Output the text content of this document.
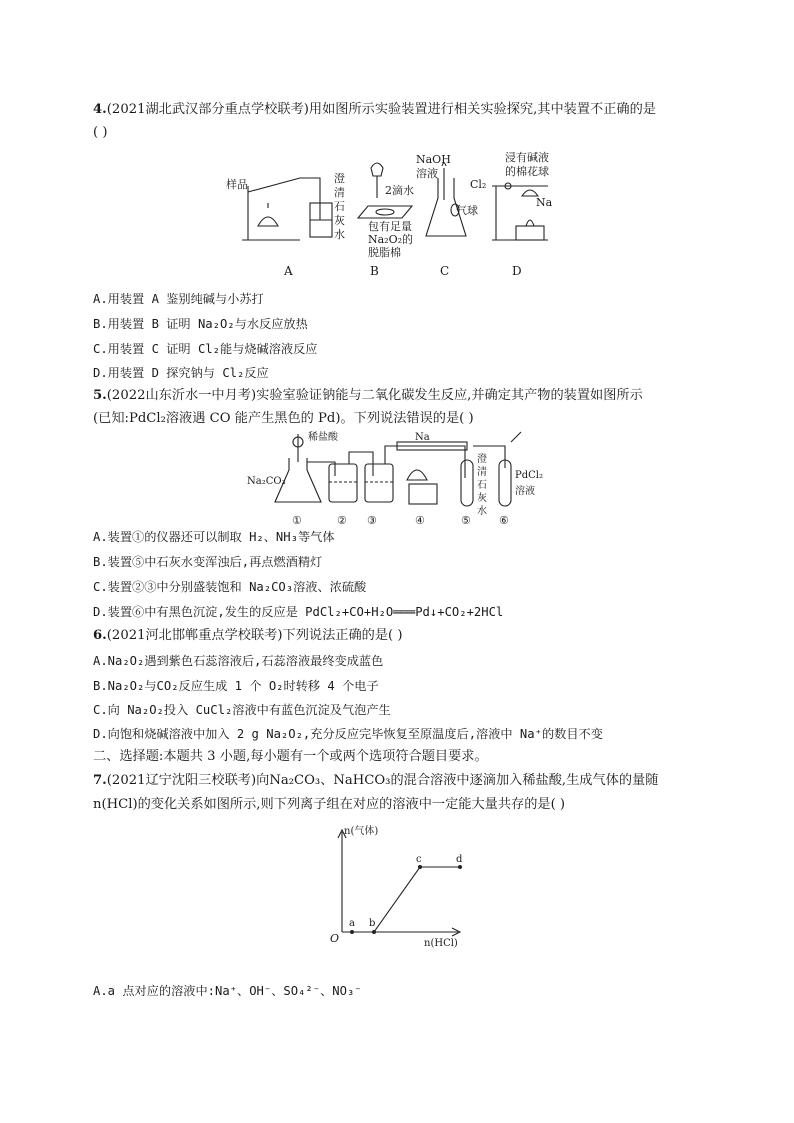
4.(2021湖北武汉部分重点学校联考)用如图所示实验装置进行相关实验探究,其中装置不正确的是
( )
样品	澄
清
石
灰
水
2滴水
包有足量
Na₂O₂的
脱脂棉
NaOH
溶液
气球
浸有碱液
的棉花球
Cl₂
Na
A	B	C	D
A.用装置 A 鉴别纯碱与小苏打
B.用装置 B 证明 Na₂O₂与水反应放热
C.用装置 C 证明 Cl₂能与烧碱溶液反应
D.用装置 D 探究钠与 Cl₂反应
5.(2022山东沂水一中月考)实验室验证钠能与二氧化碳发生反应,并确定其产物的装置如图所示
(已知:PdCl₂溶液遇 CO 能产生黑色的 Pd)。下列说法错误的是( )
稀盐酸
Na₂CO₃
Na
澄
清
石
灰
水
PdCl₂
溶液
①	② ③	④	⑤	⑥
A.装置①的仪器还可以制取 H₂、NH₃等气体
B.装置⑤中石灰水变浑浊后,再点燃酒精灯
C.装置②③中分别盛装饱和 Na₂CO₃溶液、浓硫酸
D.装置⑥中有黑色沉淀,发生的反应是 PdCl₂+CO+H₂O═══Pd↓+CO₂+2HCl
6.(2021河北邯郸重点学校联考)下列说法正确的是( )
A.Na₂O₂遇到紫色石蕊溶液后,石蕊溶液最终变成蓝色
B.Na₂O₂与CO₂反应生成 1 个 O₂时转移 4 个电子
C.向 Na₂O₂投入 CuCl₂溶液中有蓝色沉淀及气泡产生
D.向饱和烧碱溶液中加入 2 g Na₂O₂,充分反应完毕恢复至原温度后,溶液中 Na⁺的数目不变
二、选择题:本题共 3 小题,每小题有一个或两个选项符合题目要求。
7.(2021辽宁沈阳三校联考)向Na₂CO₃、NaHCO₃的混合溶液中逐滴加入稀盐酸,生成气体的量随
n(HCl)的变化关系如图所示,则下列离子组在对应的溶液中一定能大量共存的是( )
n(气体)
n(HCl)
O
a b
c	d
A.a 点对应的溶液中:Na⁺、OH⁻、SO₄²⁻、NO₃⁻
